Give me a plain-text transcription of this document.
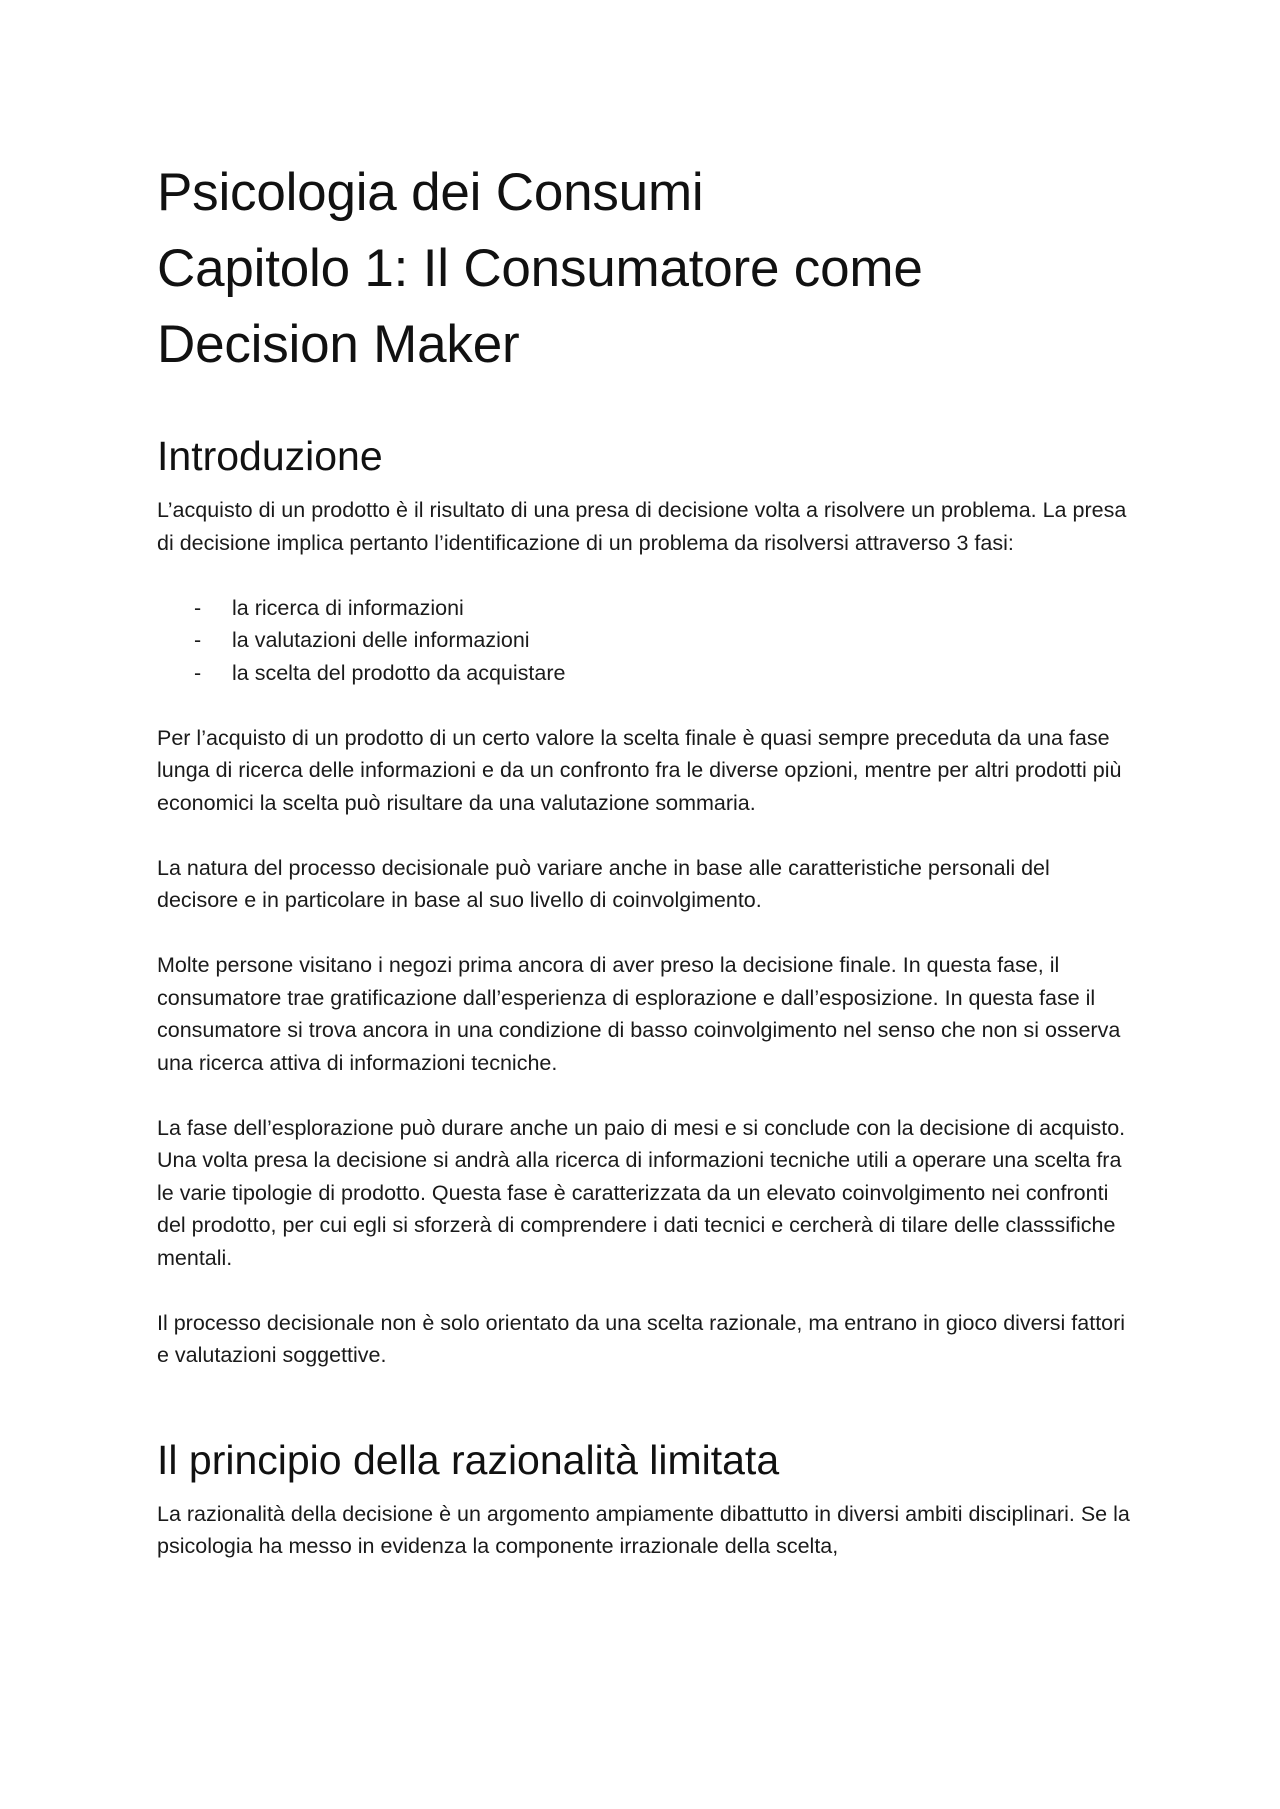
Psicologia dei Consumi
Capitolo 1: Il Consumatore come
Decision Maker
Introduzione

L’acquisto di un prodotto è il risultato di una presa di decisione volta a risolvere un problema. La presa di decisione implica pertanto l’identificazione di un problema da risolversi attraverso 3 fasi:

- la ricerca di informazioni
- la valutazioni delle informazioni
- la scelta del prodotto da acquistare

Per l’acquisto di un prodotto di un certo valore la scelta finale è quasi sempre preceduta da una fase lunga di ricerca delle informazioni e da un confronto fra le diverse opzioni, mentre per altri prodotti più economici la scelta può risultare da una valutazione sommaria.

La natura del processo decisionale può variare anche in base alle caratteristiche personali del decisore e in particolare in base al suo livello di coinvolgimento.

Molte persone visitano i negozi prima ancora di aver preso la decisione finale. In questa fase, il consumatore trae gratificazione dall’esperienza di esplorazione e dall’esposizione. In questa fase il consumatore si trova ancora in una condizione di basso coinvolgimento nel senso che non si osserva una ricerca attiva di informazioni tecniche.

La fase dell’esplorazione può durare anche un paio di mesi e si conclude con la decisione di acquisto. Una volta presa la decisione si andrà alla ricerca di informazioni tecniche utili a operare una scelta fra le varie tipologie di prodotto. Questa fase è caratterizzata da un elevato coinvolgimento nei confronti del prodotto, per cui egli si sforzerà di comprendere i dati tecnici e cercherà di tilare delle classsifiche mentali.

Il processo decisionale non è solo orientato da una scelta razionale, ma entrano in gioco diversi fattori e valutazioni soggettive.

Il principio della razionalità limitata

La razionalità della decisione è un argomento ampiamente dibattutto in diversi ambiti disciplinari. Se la psicologia ha messo in evidenza la componente irrazionale della scelta,
